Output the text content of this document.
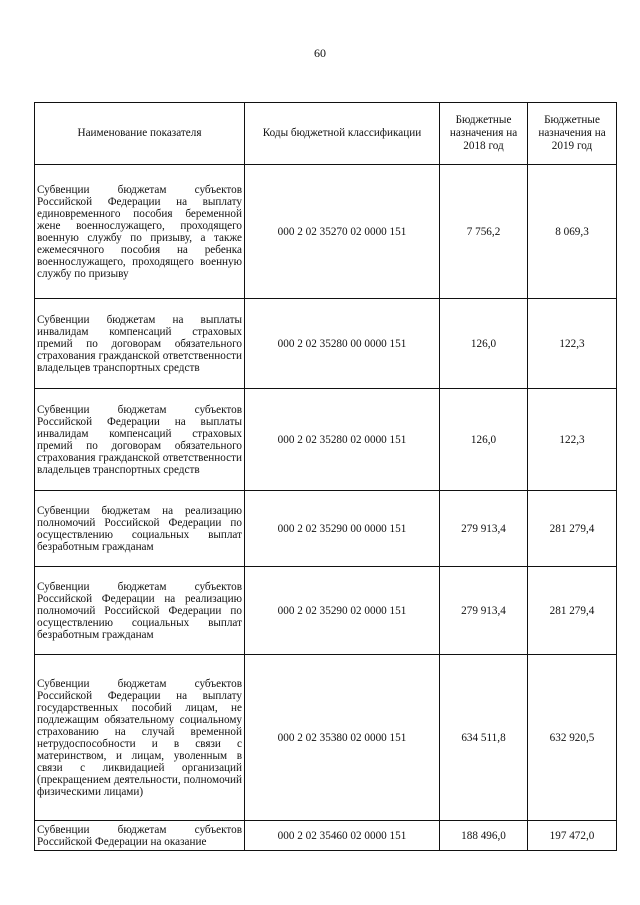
60
Наименование показателя	Коды бюджетной классификации	Бюджетные назначения на 2018 год	Бюджетные назначения на 2019 год
Субвенции бюджетам субъектов Российской Федерации на выплату единовременного пособия беременной жене военнослужащего, проходящего военную службу по призыву, а также ежемесячного пособия на ребенка военнослужащего, проходящего военную службу по призыву	000 2 02 35270 02 0000 151	7 756,2	8 069,3
Субвенции бюджетам на выплаты инвалидам компенсаций страховых премий по договорам обязательного страхования гражданской ответственности владельцев транспортных средств	000 2 02 35280 00 0000 151	126,0	122,3
Субвенции бюджетам субъектов Российской Федерации на выплаты инвалидам компенсаций страховых премий по договорам обязательного страхования гражданской ответственности владельцев транспортных средств	000 2 02 35280 02 0000 151	126,0	122,3
Субвенции бюджетам на реализацию полномочий Российской Федерации по осуществлению социальных выплат безработным гражданам	000 2 02 35290 00 0000 151	279 913,4	281 279,4
Субвенции бюджетам субъектов Российской Федерации на реализацию полномочий Российской Федерации по осуществлению социальных выплат безработным гражданам	000 2 02 35290 02 0000 151	279 913,4	281 279,4
Субвенции бюджетам субъектов Российской Федерации на выплату государственных пособий лицам, не подлежащим обязательному социальному страхованию на случай временной нетрудоспособности и в связи с материнством, и лицам, уволенным в связи с ликвидацией организаций (прекращением деятельности, полномочий физическими лицами)	000 2 02 35380 02 0000 151	634 511,8	632 920,5
Субвенции бюджетам субъектов Российской Федерации на оказание	000 2 02 35460 02 0000 151	188 496,0	197 472,0
